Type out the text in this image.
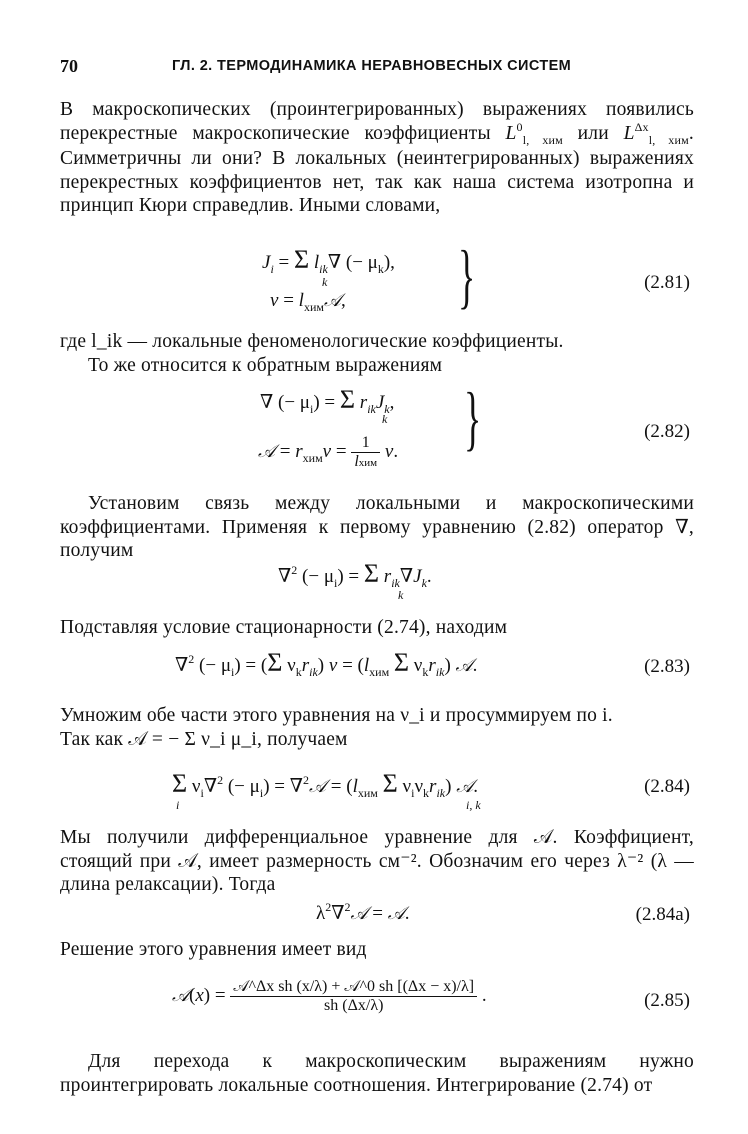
70	ГЛ. 2. ТЕРМОДИНАМИКА НЕРАВНОВЕСНЫХ СИСТЕМ
В макроскопических (проинтегрированных) выражениях появились перекрестные макроскопические коэффициенты $L^0_{l, хим}$ или $L^{\Delta x}_{l, хим}$. Симметричны ли они? В локальных (неинтегрированных) выражениях перекрестных коэффициентов нет, так как наша система изотропна и принцип Кюри справедлив. Иными словами,
$J_i = \Sigma$ $l_{ik}\nabla$ (− $\mu_k$),
k
$v = l_{хим}𝒜$, }	(2.81)
где l_ik — локальные феноменологические коэффициенты.
То же относится к обратным выражениям
∇ (− $\mu_i) = \Sigma$ $r_{ik}J_k$,
k
𝒜 = $r_{хим}v = \frac{1}{\text{lхим}} v$. }	(2.82)
Установим связь между локальными и макроскопическими коэффициентами. Применяя к первому уравнению (2.82) оператор ∇, получим
∇$^2$ (− $\mu_i) = \Sigma$ $r_{ik}\nabla J_k$.
k
Подставляя условие стационарности (2.74), находим
∇$^2$ (− $\mu_i) = (\Sigma$ $\nu_kr_{ik}$) $v = (l_{хим}$ Σ $\nu_kr_{ik}$) 𝒜.	(2.83)
Умножим обе части этого уравнения на ν_i и просуммируем по i.
Так как 𝒜 = − Σ ν_i μ_i, получаем
Σ $\nu_i\nabla^2$ (− $\mu_i$) = ∇$^2$𝒜 = ($l_{хим}$ Σ $\nu_i\nu_kr_{ik}$) 𝒜.
i	i, k
(2.84)
Мы получили дифференциальное уравнение для 𝒜. Коэффициент, стоящий при 𝒜, имеет размерность см⁻². Обозначим его через λ⁻² (λ — длина релаксации). Тогда
$\lambda^2\nabla^2𝒜$ = 𝒜.	(2.84a)
Решение этого уравнения имеет вид
𝒜(x) = $\frac{\text{𝒜\textasciicircum{}Δx sh (x/λ) + 𝒜\textasciicircum{}0 sh [(Δx − x)/λ]}}{sh (\Delta x/\lambda)}$ .	(2.85)
Для перехода к макроскопическим выражениям нужно проинтегрировать локальные соотношения. Интегрирование (2.74) от
